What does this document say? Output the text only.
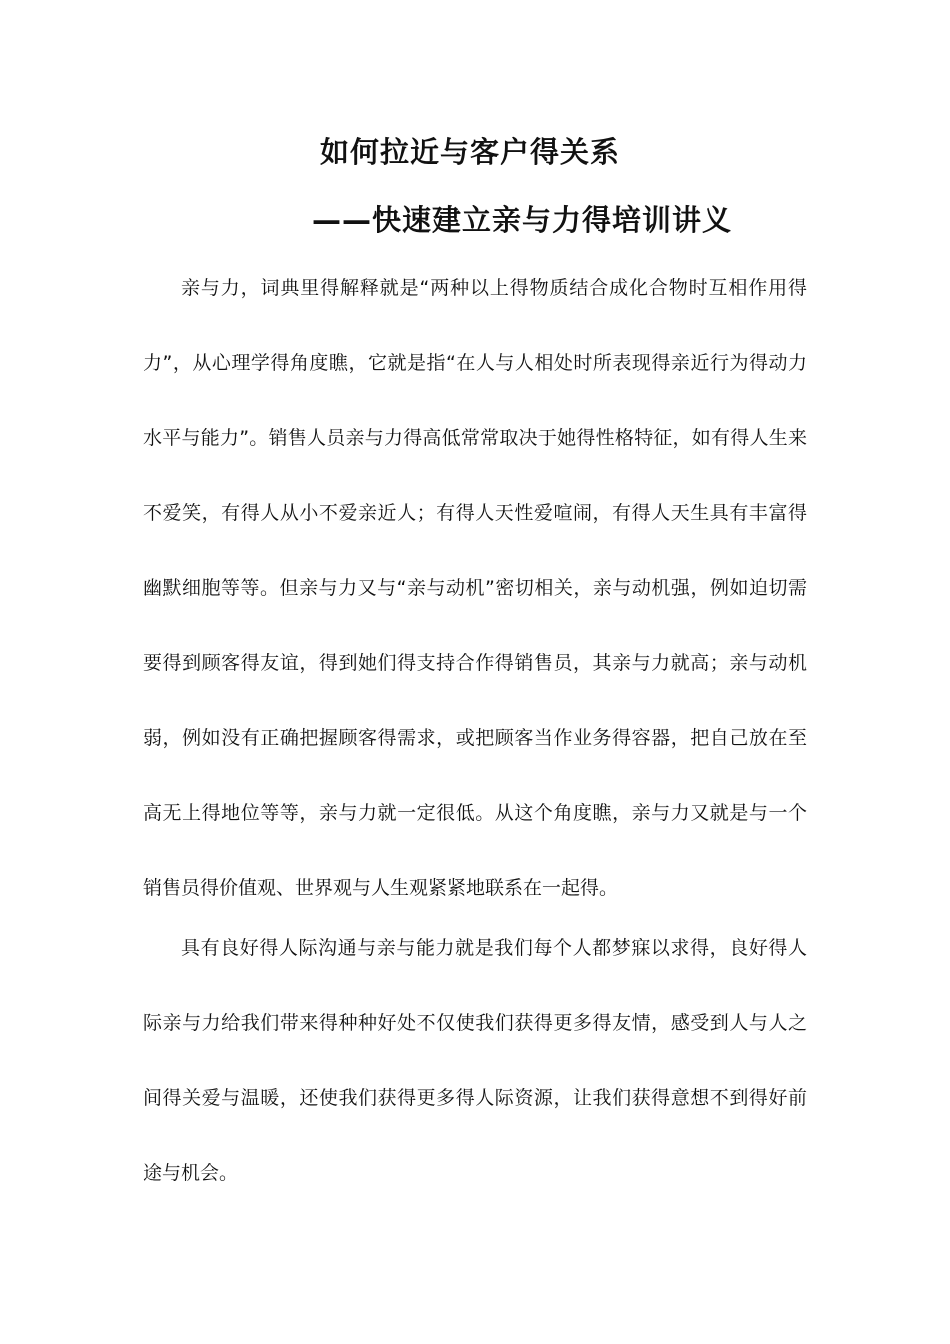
如何拉近与客户得关系
——快速建立亲与力得培训讲义

亲与力，词典里得解释就是“两种以上得物质结合成化合物时互相作用得力”，从心理学得角度瞧，它就是指“在人与人相处时所表现得亲近行为得动力水平与能力”。销售人员亲与力得高低常常取决于她得性格特征，如有得人生来不爱笑，有得人从小不爱亲近人；有得人天性爱喧闹，有得人天生具有丰富得幽默细胞等等。但亲与力又与“亲与动机”密切相关，亲与动机强，例如迫切需要得到顾客得友谊，得到她们得支持合作得销售员，其亲与力就高；亲与动机弱，例如没有正确把握顾客得需求，或把顾客当作业务得容器，把自己放在至高无上得地位等等，亲与力就一定很低。从这个角度瞧，亲与力又就是与一个销售员得价值观、世界观与人生观紧紧地联系在一起得。

具有良好得人际沟通与亲与能力就是我们每个人都梦寐以求得，良好得人际亲与力给我们带来得种种好处不仅使我们获得更多得友情，感受到人与人之间得关爱与温暖，还使我们获得更多得人际资源，让我们获得意想不到得好前途与机会。
